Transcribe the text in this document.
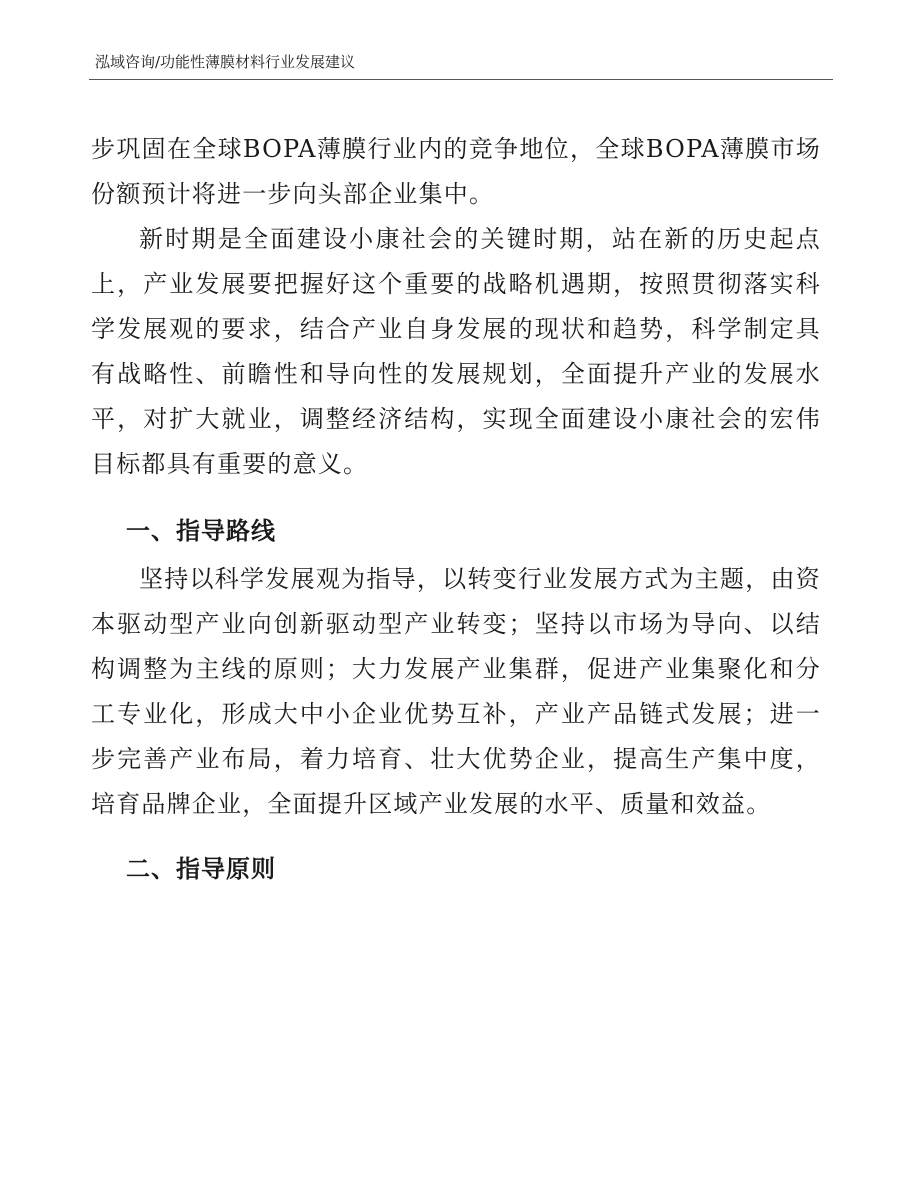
泓域咨询/功能性薄膜材料行业发展建议

步巩固在全球BOPA薄膜行业内的竞争地位，全球BOPA薄膜市场份额预计将进一步向头部企业集中。

新时期是全面建设小康社会的关键时期，站在新的历史起点上，产业发展要把握好这个重要的战略机遇期，按照贯彻落实科学发展观的要求，结合产业自身发展的现状和趋势，科学制定具有战略性、前瞻性和导向性的发展规划，全面提升产业的发展水平，对扩大就业，调整经济结构，实现全面建设小康社会的宏伟目标都具有重要的意义。

一、指导路线

坚持以科学发展观为指导，以转变行业发展方式为主题，由资本驱动型产业向创新驱动型产业转变；坚持以市场为导向、以结构调整为主线的原则；大力发展产业集群，促进产业集聚化和分工专业化，形成大中小企业优势互补，产业产品链式发展；进一步完善产业布局，着力培育、壮大优势企业，提高生产集中度，培育品牌企业，全面提升区域产业发展的水平、质量和效益。

二、指导原则
